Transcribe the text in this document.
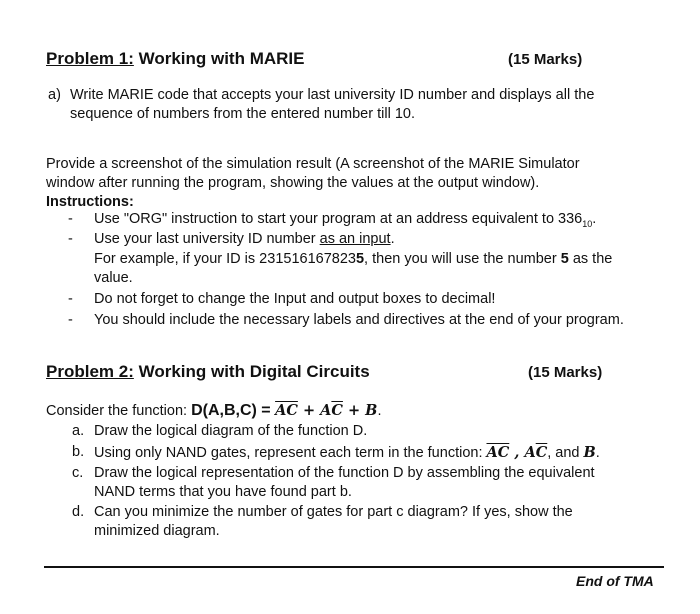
Problem 1: Working with MARIE	(15 Marks)
a) Write MARIE code that accepts your last university ID number and displays all the
sequence of numbers from the entered number till 10.
Provide a screenshot of the simulation result (A screenshot of the MARIE Simulator
window after running the program, showing the values at the output window).
Instructions:
- Use "ORG" instruction to start your program at an address equivalent to $336_{10}$.
- Use your last university ID number as an input.
For example, if your ID is 2315161678235, then you will use the number 5 as the
value.
- Do not forget to change the Input and output boxes to decimal!
- You should include the necessary labels and directives at the end of your program.
Problem 2: Working with Digital Circuits	(15 Marks)
Consider the function: $D(A,B,C) = \overline{AC} + A\overline{C} + B$.
a. Draw the logical diagram of the function D.
b. Using only NAND gates, represent each term in the function: $\overline{AC}$ , $A\overline{C}$, and B.
c. Draw the logical representation of the function D by assembling the equivalent
NAND terms that you have found part b.
d. Can you minimize the number of gates for part c diagram? If yes, show the
minimized diagram.
End of TMA
